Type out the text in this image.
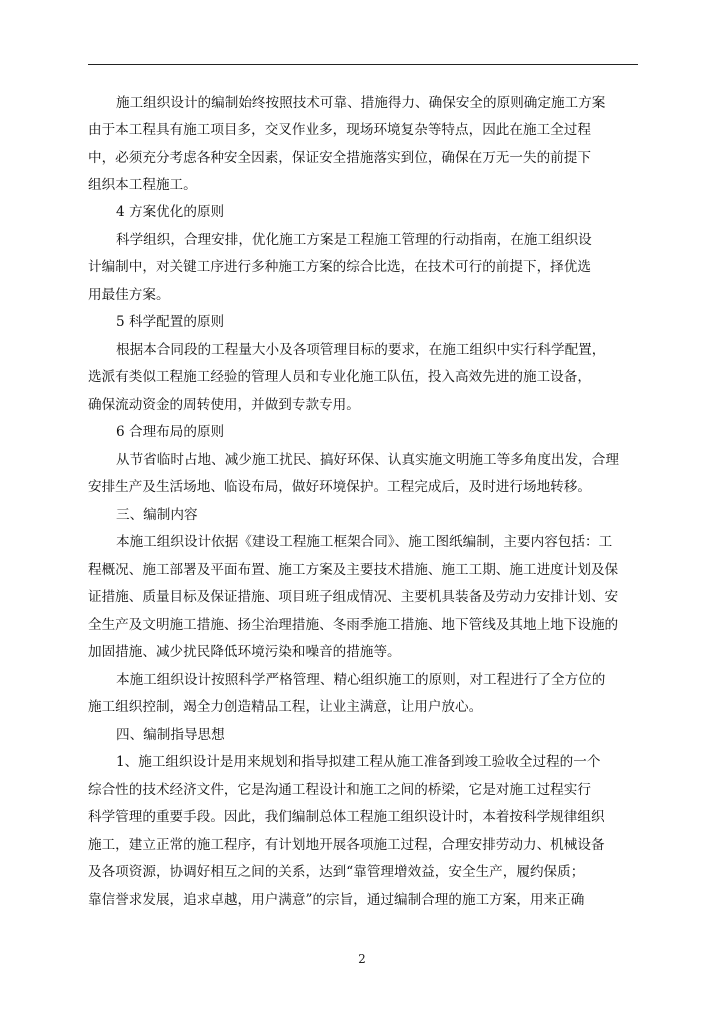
施工组织设计的编制始终按照技术可靠、措施得力、确保安全的原则确定施工方案
由于本工程具有施工项目多，交叉作业多，现场环境复杂等特点，因此在施工全过程
中，必须充分考虑各种安全因素，保证安全措施落实到位，确保在万无一失的前提下
组织本工程施工。
4 方案优化的原则
科学组织，合理安排，优化施工方案是工程施工管理的行动指南，在施工组织设
计编制中，对关键工序进行多种施工方案的综合比选，在技术可行的前提下，择优选
用最佳方案。
5 科学配置的原则
根据本合同段的工程量大小及各项管理目标的要求，在施工组织中实行科学配置，
选派有类似工程施工经验的管理人员和专业化施工队伍，投入高效先进的施工设备，
确保流动资金的周转使用，并做到专款专用。
6 合理布局的原则
从节省临时占地、减少施工扰民、搞好环保、认真实施文明施工等多角度出发，合理
安排生产及生活场地、临设布局，做好环境保护。工程完成后，及时进行场地转移。
三、编制内容
本施工组织设计依据《建设工程施工框架合同》、施工图纸编制，主要内容包括：工
程概况、施工部署及平面布置、施工方案及主要技术措施、施工工期、施工进度计划及保
证措施、质量目标及保证措施、项目班子组成情况、主要机具装备及劳动力安排计划、安
全生产及文明施工措施、扬尘治理措施、冬雨季施工措施、地下管线及其地上地下设施的
加固措施、减少扰民降低环境污染和噪音的措施等。
本施工组织设计按照科学严格管理、精心组织施工的原则，对工程进行了全方位的
施工组织控制，竭全力创造精品工程，让业主满意，让用户放心。
四、编制指导思想
1、施工组织设计是用来规划和指导拟建工程从施工准备到竣工验收全过程的一个
综合性的技术经济文件，它是沟通工程设计和施工之间的桥梁，它是对施工过程实行
科学管理的重要手段。因此，我们编制总体工程施工组织设计时，本着按科学规律组织
施工，建立正常的施工程序，有计划地开展各项施工过程，合理安排劳动力、机械设备
及各项资源，协调好相互之间的关系，达到“靠管理增效益，安全生产，履约保质；
靠信誉求发展，追求卓越，用户满意”的宗旨，通过编制合理的施工方案，用来正确
2
